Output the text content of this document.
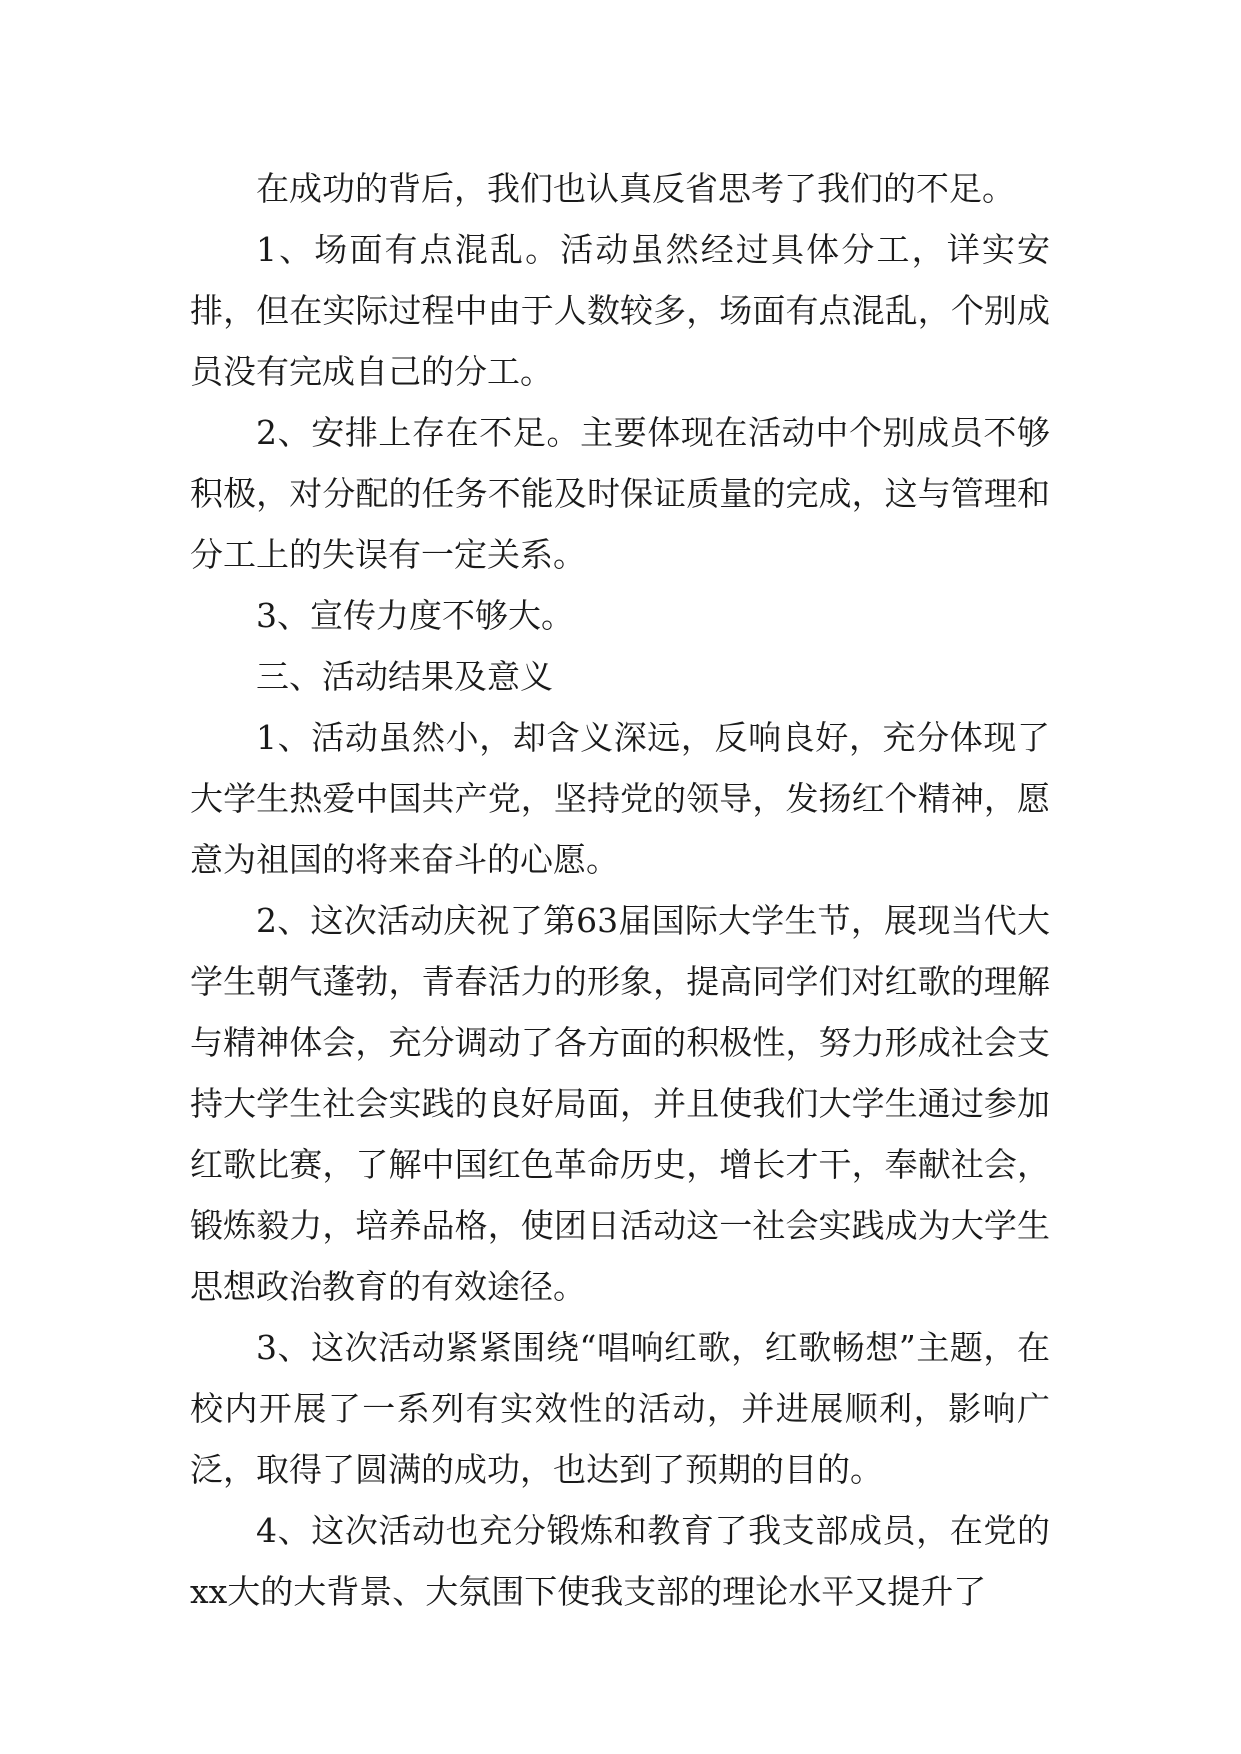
在成功的背后，我们也认真反省思考了我们的不足。

1、场面有点混乱。活动虽然经过具体分工，详实安排，但在实际过程中由于人数较多，场面有点混乱，个别成员没有完成自己的分工。

2、安排上存在不足。主要体现在活动中个别成员不够积极，对分配的任务不能及时保证质量的完成，这与管理和分工上的失误有一定关系。

3、宣传力度不够大。

三、活动结果及意义

1、活动虽然小，却含义深远，反响良好，充分体现了大学生热爱中国共产党，坚持党的领导，发扬红个精神，愿意为祖国的将来奋斗的心愿。

2、这次活动庆祝了第63届国际大学生节，展现当代大学生朝气蓬勃，青春活力的形象，提高同学们对红歌的理解与精神体会，充分调动了各方面的积极性，努力形成社会支持大学生社会实践的良好局面，并且使我们大学生通过参加红歌比赛，了解中国红色革命历史，增长才干，奉献社会，锻炼毅力，培养品格，使团日活动这一社会实践成为大学生思想政治教育的有效途径。

3、这次活动紧紧围绕“唱响红歌，红歌畅想”主题，在校内开展了一系列有实效性的活动，并进展顺利，影响广泛，取得了圆满的成功，也达到了预期的目的。

4、这次活动也充分锻炼和教育了我支部成员，在党的xx大的大背景、大氛围下使我支部的理论水平又提升了
